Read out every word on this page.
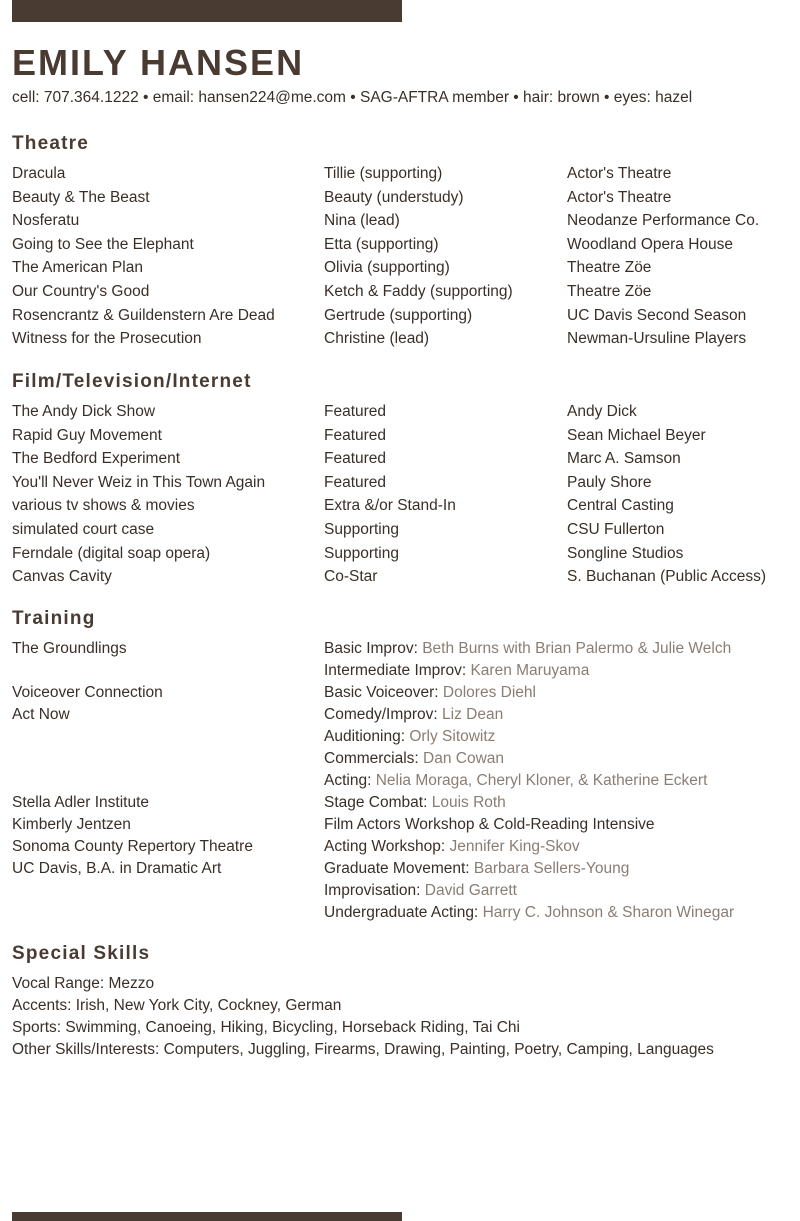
EMILY HANSEN
cell: 707.364.1222 • email: hansen224@me.com • SAG-AFTRA member • hair: brown • eyes: hazel
Theatre
Dracula	Tillie (supporting)	Actor's Theatre
Beauty & The Beast	Beauty (understudy)	Actor's Theatre
Nosferatu	Nina (lead)	Neodanze Performance Co.
Going to See the Elephant	Etta (supporting)	Woodland Opera House
The American Plan	Olivia (supporting)	Theatre Zöe
Our Country's Good	Ketch & Faddy (supporting)	Theatre Zöe
Rosencrantz & Guildenstern Are Dead	Gertrude (supporting)	UC Davis Second Season
Witness for the Prosecution	Christine (lead)	Newman-Ursuline Players
Film/Television/Internet
The Andy Dick Show	Featured	Andy Dick
Rapid Guy Movement	Featured	Sean Michael Beyer
The Bedford Experiment	Featured	Marc A. Samson
You'll Never Weiz in This Town Again	Featured	Pauly Shore
various tv shows & movies	Extra &/or Stand-In	Central Casting
simulated court case	Supporting	CSU Fullerton
Ferndale (digital soap opera)	Supporting	Songline Studios
Canvas Cavity	Co-Star	S. Buchanan (Public Access)
Training
The Groundlings	Basic Improv: Beth Burns with Brian Palermo & Julie Welch
Intermediate Improv: Karen Maruyama
Voiceover Connection	Basic Voiceover: Dolores Diehl
Act Now	Comedy/Improv: Liz Dean
Auditioning: Orly Sitowitz
Commercials: Dan Cowan
Acting: Nelia Moraga, Cheryl Kloner, & Katherine Eckert
Stella Adler Institute	Stage Combat: Louis Roth
Kimberly Jentzen	Film Actors Workshop & Cold-Reading Intensive
Sonoma County Repertory Theatre	Acting Workshop: Jennifer King-Skov
UC Davis, B.A. in Dramatic Art	Graduate Movement: Barbara Sellers-Young
Improvisation: David Garrett
Undergraduate Acting: Harry C. Johnson & Sharon Winegar
Special Skills
Vocal Range: Mezzo
Accents: Irish, New York City, Cockney, German
Sports: Swimming, Canoeing, Hiking, Bicycling, Horseback Riding, Tai Chi
Other Skills/Interests: Computers, Juggling, Firearms, Drawing, Painting, Poetry, Camping, Languages
